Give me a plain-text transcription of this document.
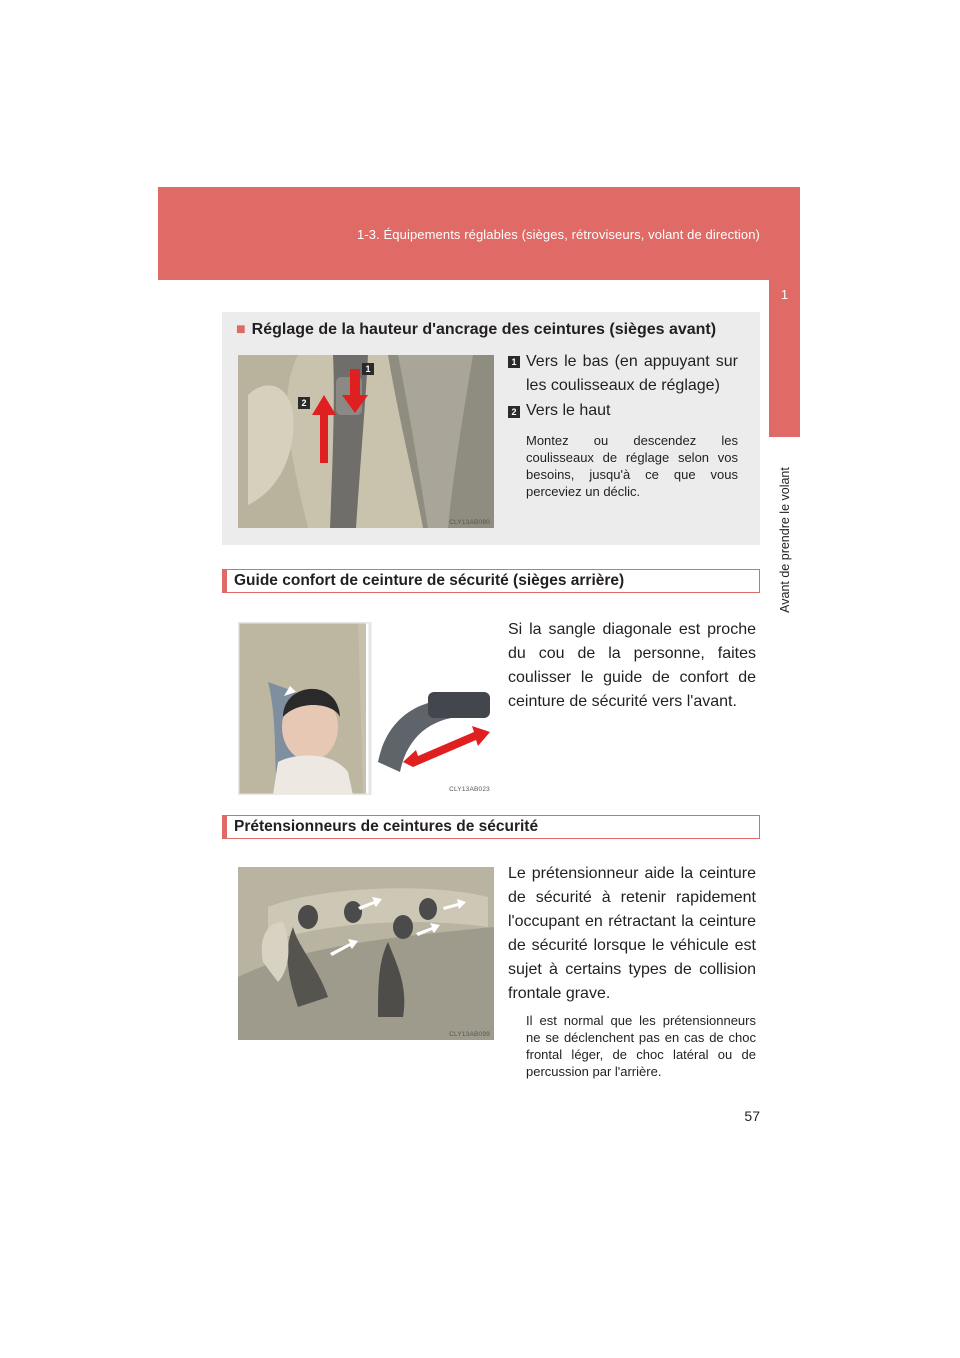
1-3. Équipements réglables (sièges, rétroviseurs, volant de direction)
1
Avant de prendre le volant
■ Réglage de la hauteur d'ancrage des ceintures (sièges avant)
1
2
CLY13AB080
1 Vers le bas (en appuyant sur les coulisseaux de réglage)
2 Vers le haut
Montez ou descendez les coulisseaux de réglage selon vos besoins, jusqu'à ce que vous perceviez un déclic.
Guide confort de ceinture de sécurité (sièges arrière)
CLY13AB023
Si la sangle diagonale est proche du cou de la personne, faites coulisser le guide de confort de ceinture de sécurité vers l'avant.
Prétensionneurs de ceintures de sécurité
CLY13AB099
Le prétensionneur aide la ceinture de sécurité à retenir rapidement l'occupant en rétractant la ceinture de sécurité lorsque le véhicule est sujet à certains types de collision frontale grave.
Il est normal que les prétensionneurs ne se déclenchent pas en cas de choc frontal léger, de choc latéral ou de percussion par l'arrière.
57
